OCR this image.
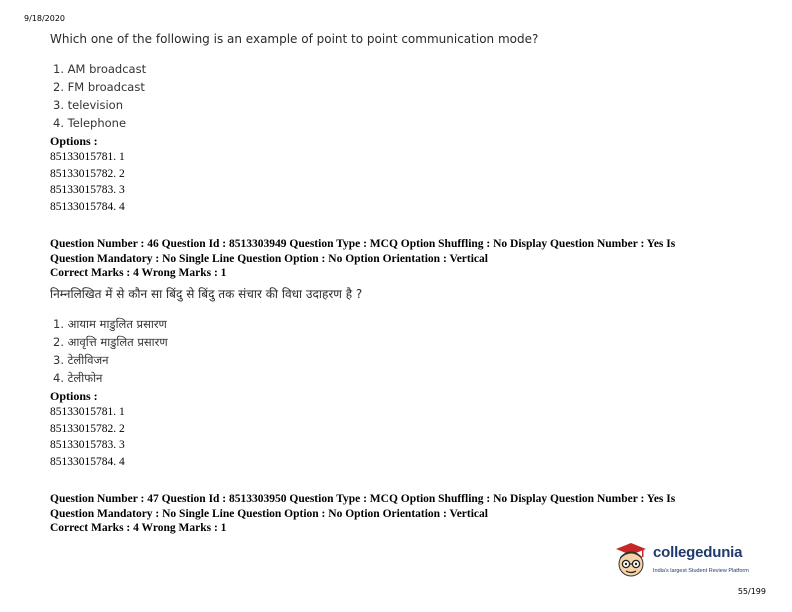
9/18/2020
Which one of the following is an example of point to point communication mode?
1. AM broadcast
2. FM broadcast
3. television
4. Telephone
Options :
85133015781. 1
85133015782. 2
85133015783. 3
85133015784. 4
Question Number : 46 Question Id : 8513303949 Question Type : MCQ Option Shuffling : No Display Question Number : Yes Is
Question Mandatory : No Single Line Question Option : No Option Orientation : Vertical
Correct Marks : 4 Wrong Marks : 1
निम्नलिखित में से कौन सा बिंदु से बिंदु तक संचार की विधा उदाहरण है ?
1. आयाम माडुलित प्रसारण
2. आवृत्ति माडुलित प्रसारण
3. टेलीविजन
4. टेलीफोन
Options :
85133015781. 1
85133015782. 2
85133015783. 3
85133015784. 4
Question Number : 47 Question Id : 8513303950 Question Type : MCQ Option Shuffling : No Display Question Number : Yes Is
Question Mandatory : No Single Line Question Option : No Option Orientation : Vertical
Correct Marks : 4 Wrong Marks : 1
collegedunia
India's largest Student Review Platform
55/199
